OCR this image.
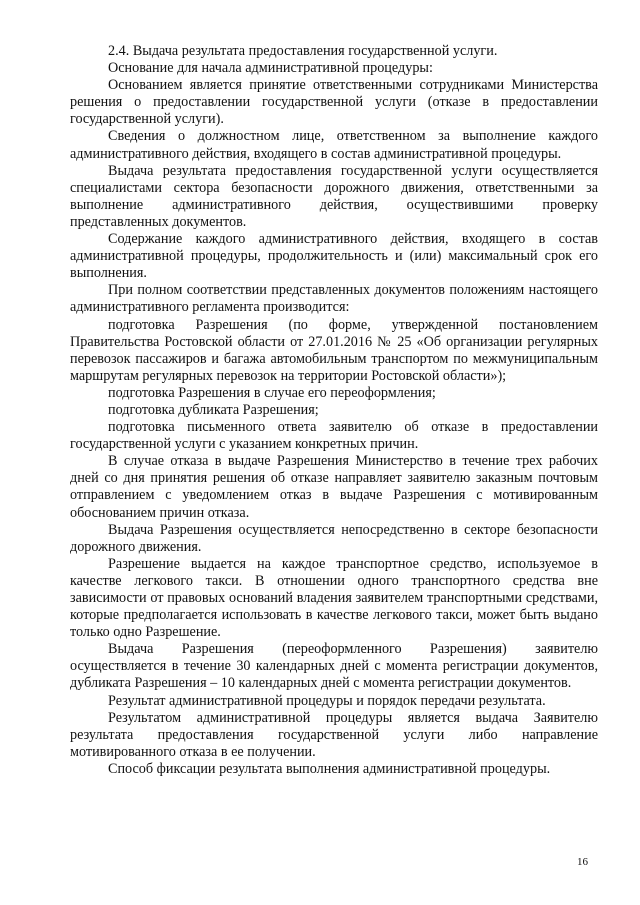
2.4. Выдача результата предоставления государственной услуги.

Основание для начала административной процедуры:

Основанием является принятие ответственными сотрудниками Министерства решения о предоставлении государственной услуги (отказе в предоставлении государственной услуги).

Сведения о должностном лице, ответственном за выполнение каждого административного действия, входящего в состав административной процедуры.

Выдача результата предоставления государственной услуги осуществляется специалистами сектора безопасности дорожного движения, ответственными за выполнение административного действия, осуществившими проверку представленных документов.

Содержание каждого административного действия, входящего в состав административной процедуры, продолжительность и (или) максимальный срок его выполнения.

При полном соответствии представленных документов положениям настоящего административного регламента производится:

подготовка Разрешения (по форме, утвержденной постановлением Правительства Ростовской области от 27.01.2016 № 25 «Об организации регулярных перевозок пассажиров и багажа автомобильным транспортом по межмуниципальным маршрутам регулярных перевозок на территории Ростовской области»);

подготовка Разрешения в случае его переоформления;

подготовка дубликата Разрешения;

подготовка письменного ответа заявителю об отказе в предоставлении государственной услуги с указанием конкретных причин.

В случае отказа в выдаче Разрешения Министерство в течение трех рабочих дней со дня принятия решения об отказе направляет заявителю заказным почтовым отправлением с уведомлением отказ в выдаче Разрешения с мотивированным обоснованием причин отказа.

Выдача Разрешения осуществляется непосредственно в секторе безопасности дорожного движения.

Разрешение выдается на каждое транспортное средство, используемое в качестве легкового такси. В отношении одного транспортного средства вне зависимости от правовых оснований владения заявителем транспортными средствами, которые предполагается использовать в качестве легкового такси, может быть выдано только одно Разрешение.

Выдача Разрешения (переоформленного Разрешения) заявителю осуществляется в течение 30 календарных дней с момента регистрации документов, дубликата Разрешения – 10 календарных дней с момента регистрации документов.

Результат административной процедуры и порядок передачи результата.

Результатом административной процедуры является выдача Заявителю результата предоставления государственной услуги либо направление мотивированного отказа в ее получении.

Способ фиксации результата выполнения административной процедуры.

16
